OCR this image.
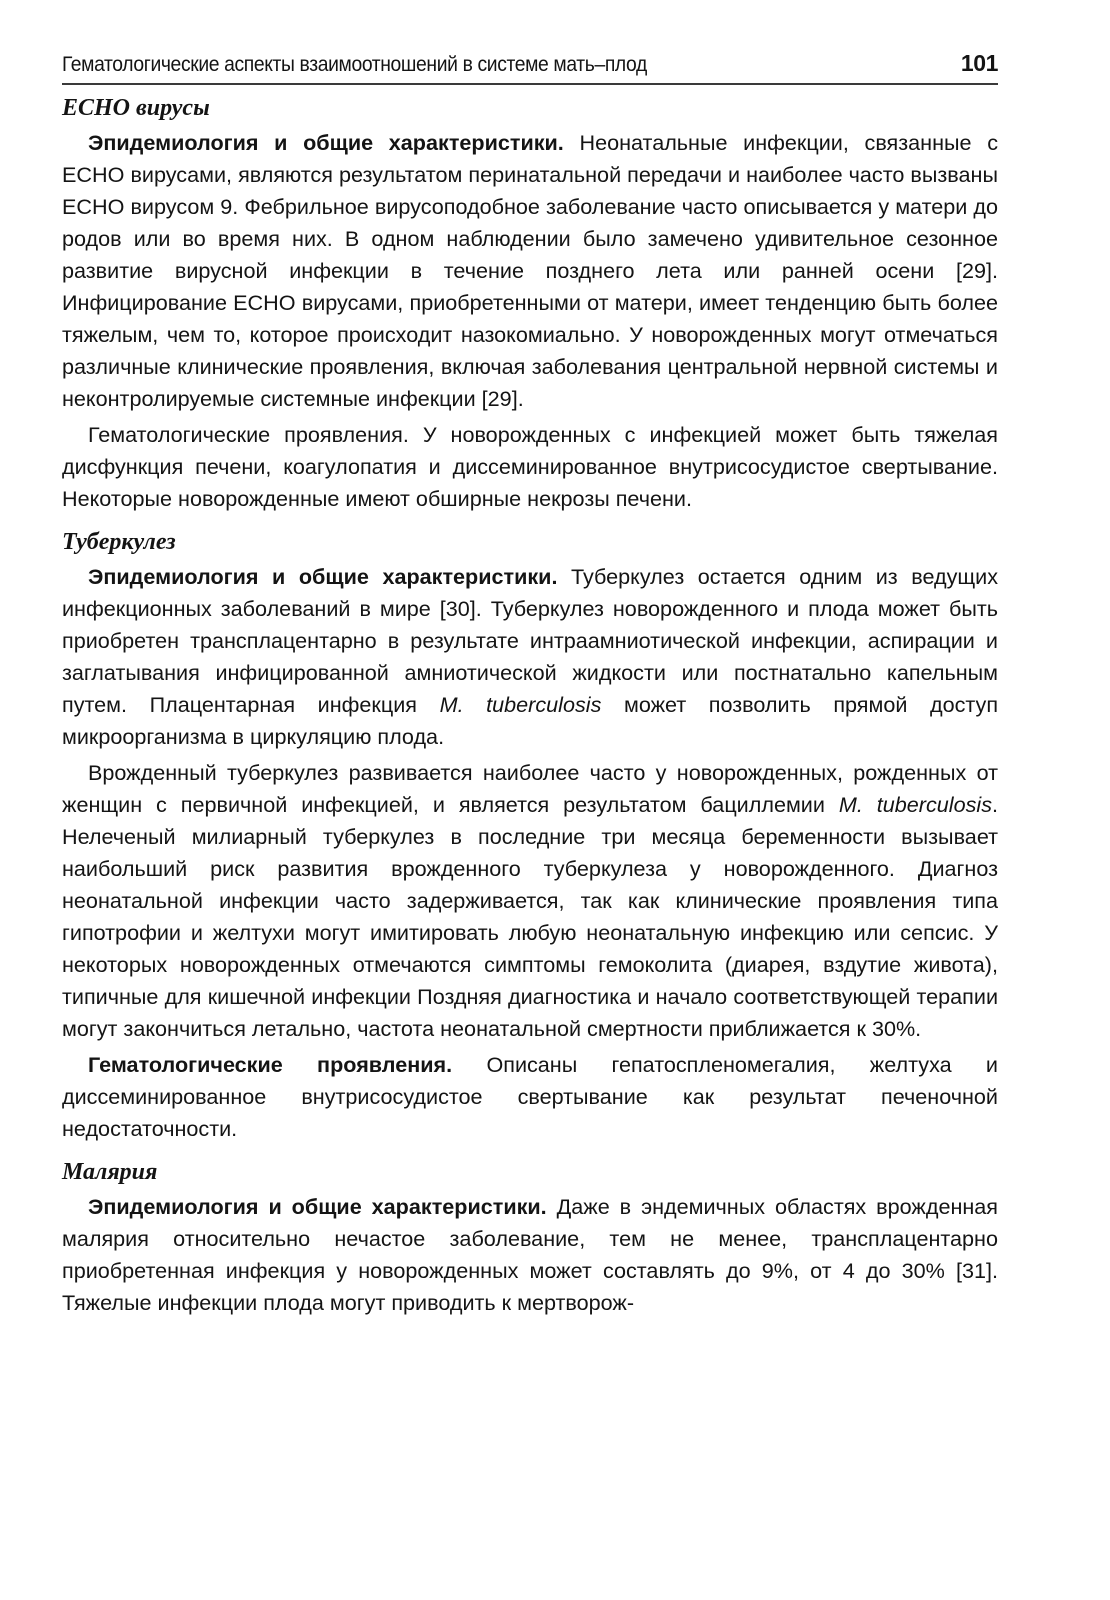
Гематологические аспекты взаимоотношений в системе мать–плод	101
ECHO вирусы

Эпидемиология и общие характеристики. Неонатальные инфекции, связанные с ECHO вирусами, являются результатом перинатальной передачи и наиболее часто вызваны ECHO вирусом 9. Фебрильное вирусоподобное заболевание часто описывается у матери до родов или во время них. В одном наблюдении было замечено удивительное сезонное развитие вирусной инфекции в течение позднего лета или ранней осени [29]. Инфицирование ECHO вирусами, приобретенными от матери, имеет тенденцию быть более тяжелым, чем то, которое происходит назокомиально. У новорожденных могут отмечаться различные клинические проявления, включая заболевания центральной нервной системы и неконтролируемые системные инфекции [29].

Гематологические проявления. У новорожденных с инфекцией может быть тяжелая дисфункция печени, коагулопатия и диссеминированное внутрисосудистое свертывание. Некоторые новорожденные имеют обширные некрозы печени.

Туберкулез

Эпидемиология и общие характеристики. Туберкулез остается одним из ведущих инфекционных заболеваний в мире [30]. Туберкулез новорожденного и плода может быть приобретен трансплацентарно в результате интраамниотической инфекции, аспирации и заглатывания инфицированной амниотической жидкости или постнатально капельным путем. Плацентарная инфекция M. tuberculosis может позволить прямой доступ микроорганизма в циркуляцию плода.

Врожденный туберкулез развивается наиболее часто у новорожденных, рожденных от женщин с первичной инфекцией, и является результатом бациллемии M. tuberculosis. Нелеченый милиарный туберкулез в последние три месяца беременности вызывает наибольший риск развития врожденного туберкулеза у новорожденного. Диагноз неонатальной инфекции часто задерживается, так как клинические проявления типа гипотрофии и желтухи могут имитировать любую неонатальную инфекцию или сепсис. У некоторых новорожденных отмечаются симптомы гемоколита (диарея, вздутие живота), типичные для кишечной инфекции Поздняя диагностика и начало соответствующей терапии могут закончиться летально, частота неонатальной смертности приближается к 30%.

Гематологические проявления. Описаны гепатоспленомегалия, желтуха и диссеминированное внутрисосудистое свертывание как результат печеночной недостаточности.

Малярия

Эпидемиология и общие характеристики. Даже в эндемичных областях врожденная малярия относительно нечастое заболевание, тем не менее, трансплацентарно приобретенная инфекция у новорожденных может составлять до 9%, от 4 до 30% [31]. Тяжелые инфекции плода могут приводить к мертворож-
